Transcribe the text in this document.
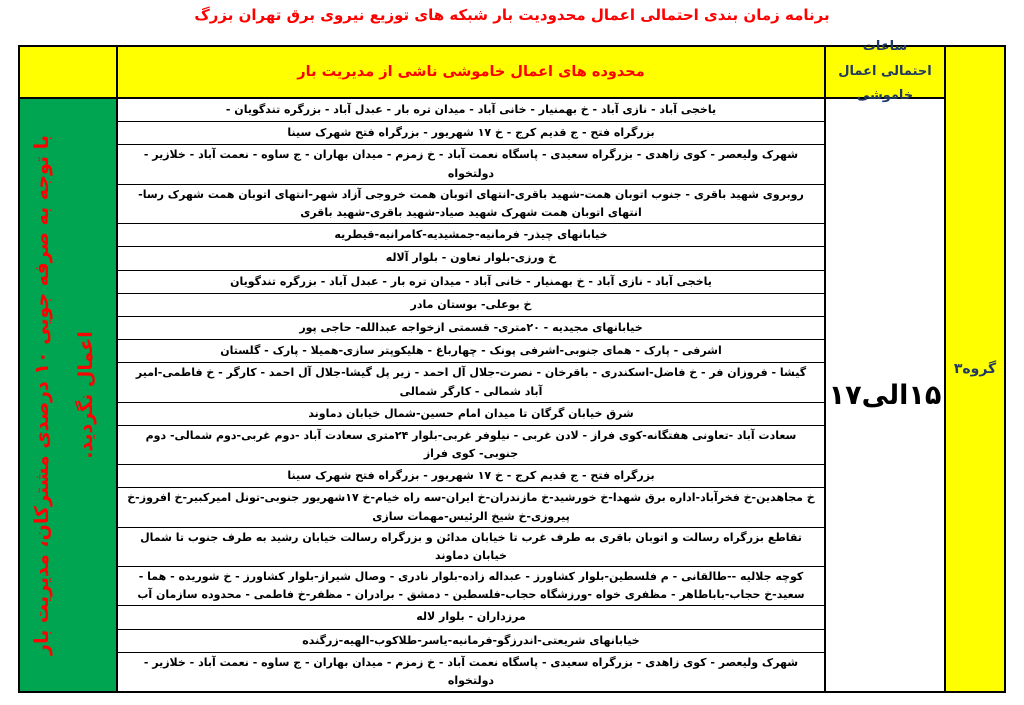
برنامه زمان بندی احتمالی اعمال محدودیت بار شبکه های توزیع نیروی برق تهران بزرگ
گروه۳
ساعات احتمالی اعمال خاموشی
۱۵الی۱۷
محدوده های اعمال خاموشی ناشی از مدیریت بار
یاخجی آباد - نازی آباد - خ بهمنیار - خانی آباد - میدان تره بار - عبدل آباد - بزرگره تندگویان -
بزرگراه فتح - ج قدیم کرج - خ ۱۷ شهریور - بزرگراه فتح شهرک سینا
شهرک ولیعصر - کوی زاهدی - بزرگراه سعیدی - پاسگاه نعمت آباد - خ زمزم - میدان بهاران - ج ساوه - نعمت آباد - خلازیر - دولتخواه
روبروی شهید باقری - جنوب اتوبان همت-شهید باقری-انتهای اتوبان همت خروجی آزاد شهر-انتهای اتوبان همت شهرک رسا-انتهای اتوبان همت شهرک شهید صیاد-شهید باقری-شهید باقری
خیابانهای چیذر- فرمانیه-جمشیدیه-کامرانیه-قیطریه
خ ورزی-بلوار تعاون - بلوار آلاله
یاخجی آباد - نازی آباد - خ بهمنیار - خانی آباد - میدان تره بار - عبدل آباد - بزرگره تندگویان
خ بوعلی- بوستان مادر
خیابانهای مجیدیه - ۲۰متری- قسمتی ازخواجه عبدالله- حاجی پور
اشرفی - پارک - همای جنوبی-اشرفی پونک - چهارباغ - هلیکوپتر سازی-همیلا - پارک - گلستان
گیشا - فروزان فر - خ فاضل-اسکندری - باقرخان - نصرت-جلال آل احمد - زیر پل گیشا-جلال آل احمد - کارگر - خ فاطمی-امیر آباد شمالی - کارگر شمالی
شرق خیابان گرگان تا میدان امام حسین-شمال خیابان دماوند
سعادت آباد -تعاونی هفتگانه-کوی فراز - لادن غربی - نیلوفر غربی-بلوار ۲۴متری سعادت آباد -دوم غربی-دوم شمالی- دوم جنوبی- کوی فراز
بزرگراه فتح - ج قدیم کرج - خ ۱۷ شهریور - بزرگراه فتح شهرک سینا
خ مجاهدین-خ فخرآباد-اداره برق شهدا-خ خورشید-خ مازندران-خ ایران-سه راه خیام-خ ۱۷شهریور جنوبی-تونل امیرکبیر-خ افروز-خ پیروزی-خ شیخ الرئیس-مهمات سازی
تقاطع بزرگراه رسالت و اتوبان باقری به طرف غرب تا خیابان مدائن و بزرگراه رسالت خیابان رشید به طرف جنوب تا شمال خیابان دماوند
کوچه جلالیه --طالقانی - م فلسطین-بلوار کشاورز - عبداله زاده-بلوار نادری - وصال شیراز-بلوار کشاورز - خ شوریده - هما - سعید-خ حجاب-باباطاهر - مظفری خواه -ورزشگاه حجاب-فلسطین - دمشق - برادران - مظفر-خ فاطمی - محدوده سازمان آب
مرزداران - بلوار لاله
خیابانهای شریعتی-اندرزگو-فرمانیه-یاسر-طلاکوب-الهیه-زرگنده
شهرک ولیعصر - کوی زاهدی - بزرگراه سعیدی - پاسگاه نعمت آباد - خ زمزم - میدان بهاران - ج ساوه - نعمت آباد - خلازیر - دولتخواه
با توجه به صرفه جویی ۱۰ درصدی مشترکان، مدیریت بار اعمال نگردید.
